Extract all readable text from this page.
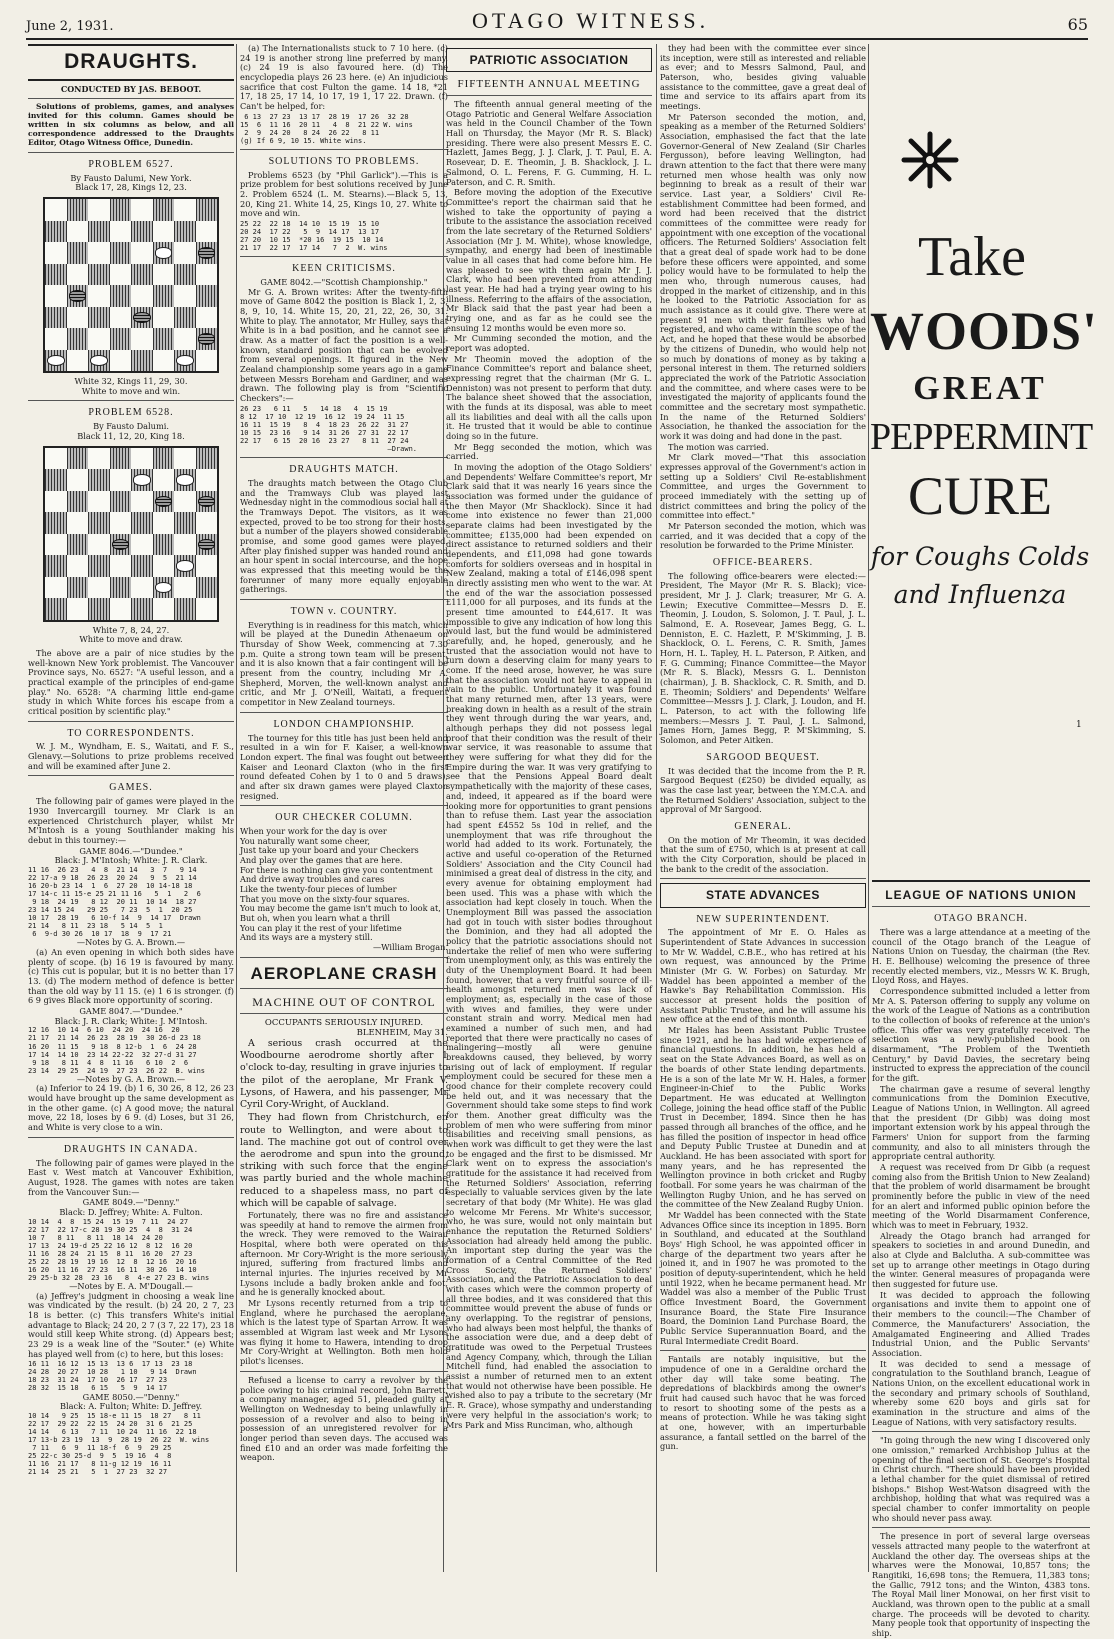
June 2, 1931.	OTAGO WITNESS.	65
DRAUGHTS.
CONDUCTED BY JAS. BEBOOT.

Solutions of problems, games, and analyses invited for this column. Games should be written in six columns as below, and all correspondence addressed to the Draughts Editor, Otago Witness Office, Dunedin.

PROBLEM 6527.
By Fausto Dalumi, New York.
Black 17, 28, Kings 12, 23.
White 32, Kings 11, 29, 30.
White to move and win.
PROBLEM 6528.
By Fausto Dalumi.
Black 11, 12, 20, King 18.
White 7, 8, 24, 27.
White to move and draw.

The above are a pair of nice studies by the well-known New York problemist. The Vancouver Province says, No. 6527: "A useful lesson, and a practical example of the principles of end-game play." No. 6528: "A charming little end-game study in which White forces his escape from a critical position by scientific play."

TO CORRESPONDENTS.

W. J. M., Wyndham, E. S., Waitati, and F. S., Glenavy.—Solutions to prize problems received and will be examined after June 2.

GAMES.

The following pair of games were played in the 1930 Invercargill tourney. Mr Clark is an experienced Christchurch player, whilst Mr M'Intosh is a young Southlander making his debut in this tourney:—

GAME 8046.—"Dundee."
Black: J. M'Intosh; White: J. R. Clark.
11 16  26 23   4  8  21 14   3  7   9 14
22 17-a 9 18  26 23  20 24   9  5  21 14
16 20-b 23 14  1  6  27 20  10 14-18 18
17 14-c 11 15-e 25 21 11 16   5  1   2  6
9 18  24 19   8 12  20 11  10 14  18 27
23 14 15 24   29 25   7 23  5  1  20 25
10 17  28 19   6 10-f 14  9  14 17  Drawn
21 14   8 11  23 18   5 14  5  1
6  9-d 30 26  10 17  18  9  17 21
—Notes by G. A. Brown.—

(a) An even opening in which both sides have plenty of scope. (b) 16 19 is favoured by many. (c) This cut is popular, but it is no better than 17 13. (d) The modern method of defence is better than the old way by 11 15. (e) 1 6 is stronger. (f) 6 9 gives Black more opportunity of scoring.

GAME 8047.—"Dundee."
Black: J. R. Clark; White: J. M'Intosh.
12 16  10 14  6 10  24 20  24 16  20
21 17  21 14  26 23  28 19  30 26-d 23 18
16 20  11 15   9 18  8 12-b  1  6  24 28
17 14  14 10  23 14 22-22  32 27-d 31 27
9 18   8 11  4  8  11 16   6 10  2  6
23 14  29 25  24 19  27 23  26 22  B. wins
—Notes by G. A. Brown.—

(a) Inferior to 24 19. (b) 1 6, 30 26, 8 12, 26 23 would have brought up the same development as in the other game. (c) A good move; the natural move, 22 18, loses by 6 9. (d) Loses, but 31 26, and White is very close to a win.

DRAUGHTS IN CANADA.

The following pair of games were played in the East v. West match at Vancouver Exhibition, August, 1928. The games with notes are taken from the Vancouver Sun:—

GAME 8049.—"Denny."
Black: D. Jeffrey; White: A. Fulton.
10 14  4  8  15 24  15 19  7 11  24 27
22 17  22 17-c 28 19 30 25  4  8  31 24
10 7   8 11   8 11  18 14  24 20
17 13  24 19-d 25 22 16 12  8 12  16 20
11 16  28 24  21 15  8 11  16 20  27 23
25 22  28 19  19 16  12  8  12 16  20 16
16 20  11 16  27 23  16 11  30 26  14 10
29 25-b 32 28  23 16   8  4-e 27 23 B. wins
—Notes by E. A. M'Dougall.—

(a) Jeffrey's judgment in choosing a weak line was vindicated by the result. (b) 24 20, 2 7, 23 18 is better. (c) This transfers White's initial advantage to Black; 24 20, 2 7 (3 7, 22 17), 23 18 would still keep White strong. (d) Appears best; 23 29 is a weak line of the "Souter." (e) White has played well from (c) to here, but this loses:

16 11  16 12  15 13  13 6  17 13  23 18
24 28  20 27  10 28   1 10   9 14  Drawn
18 23  31 24  17 10  26 17  27 23
28 32  15 18   6 15   5  9  14 17
GAME 8050.—"Denny."
Black: A. Fulton; White: D. Jeffrey.
10 14   9 25  15 18-e 11 15  18 27   8 11
22 17  29 22  22 15  24 20  31 6  21 25
14 14   6 13   7 11  10 24  11 16  22 18
17 13-b 23 19  13  9  28 19  26 22  W. wins
7 11   6  9  11 18-f  6  9  29 25
25 22-c 30 25-d  9  5  19 16  4  8
11 16  21 17   8 11-g 12 19  16 11
21 14  25 21   5  1  27 23  32 27

(a) The Internationalists stuck to 7 10 here. (c) 24 19 is another strong line preferred by many. (c) 24 19 is also favoured here. (d) The encyclopedia plays 26 23 here. (e) An injudicious sacrifice that cost Fulton the game. 14 18, *21 17, 18 25, 17 14, 10 17, 19 1, 17 22. Drawn. (f) Can't be helped, for:

6 13  27 23  13 17  28 19  17 26  32 28
15  6  11 16  20 11   4  8  21 22 W. wins
2  9  24 20   8 24  26 22   8 11
(g) If 6 9, 10 15. White wins.
SOLUTIONS TO PROBLEMS.

Problems 6523 (by "Phil Garlick").—This is a prize problem for best solutions received by June 2. Problem 6524 (L. M. Stearns).—Black 5, 13, 20, King 21. White 14, 25, Kings 10, 27. White to move and win.

25 22  22 18  14 10  15 19  15 10
20 24  17 22   5  9  14 17  13 17
27 20  10 15  *20 16  19 15  10 14
21 17  22 17  17 14   7  2  W. wins
KEEN CRITICISMS.
GAME 8042.—"Scottish Championship."

Mr G. A. Brown writes: After the twenty-fifth move of Game 8042 the position is Black 1, 2, 3, 8, 9, 10, 14. White 15, 20, 21, 22, 26, 30, 31. White to play. The annotator, Mr Hulley, says that White is in a bad position, and he cannot see a draw. As a matter of fact the position is a well-known, standard position that can be evolved from several openings. It figured in the New Zealand championship some years ago in a game between Messrs Boreham and Gardiner, and was drawn. The following play is from "Scientific Checkers":—

26 23   6 11   5   14 18   4  15 19
8 12  17 10  12 19  16 12  19 24  11 15
16 11  15 19   8  4  18 23  26 22  31 27
10 15  23 16   9 14  31 26  27 31  22 17
22 17   6 15  20 16  23 27   8 11  27 24
—Drawn.
DRAUGHTS MATCH.

The draughts match between the Otago Club and the Tramways Club was played last Wednesday night in the commodious social hall at the Tramways Depot. The visitors, as it was expected, proved to be too strong for their hosts, but a number of the players showed considerable promise, and some good games were played. After play finished supper was handed round and an hour spent in social intercourse, and the hope was expressed that this meeting would be the forerunner of many more equally enjoyable gatherings.

TOWN v. COUNTRY.

Everything is in readiness for this match, which will be played at the Dunedin Athenaeum on Thursday of Show Week, commencing at 7.30 p.m. Quite a strong town team will be present, and it is also known that a fair contingent will be present from the country, including Mr A. Shepherd, Morven, the well-known analyst and critic, and Mr J. O'Neill, Waitati, a frequent competitor in New Zealand tourneys.

LONDON CHAMPIONSHIP.

The tourney for this title has just been held and resulted in a win for F. Kaiser, a well-known London expert. The final was fought out between Kaiser and Leonard Claxton (who in the first round defeated Cohen by 1 to 0 and 5 draws), and after six drawn games were played Claxton resigned.

OUR CHECKER COLUMN.
When your work for the day is over
You naturally want some cheer,
Just take up your board and your Checkers
And play over the games that are here.
For there is nothing can give you contentment
And drive away troubles and cares
Like the twenty-four pieces of lumber
That you move on the sixty-four squares.
You may become the game isn't much to look at,
But oh, when you learn what a thrill
You can play it the rest of your lifetime
And its ways are a mystery still.
—William Brogan.
AEROPLANE CRASH
MACHINE OUT OF CONTROL
OCCUPANTS SERIOUSLY INJURED.
BLENHEIM, May 31.

A serious crash occurred at the Woodbourne aerodrome shortly after 1 o'clock to-day, resulting in grave injuries to the pilot of the aeroplane, Mr Frank V. Lysons, of Hawera, and his passenger, Mr Cyril Cory-Wright, of Auckland.

They had flown from Christchurch, en route to Wellington, and were about to land. The machine got out of control over the aerodrome and spun into the ground, striking with such force that the engine was partly buried and the whole machine reduced to a shapeless mass, no part of which will be capable of salvage.

Fortunately, there was no fire and assistance was speedily at hand to remove the airmen from the wreck. They were removed to the Wairau Hospital, where both were operated on this afternoon. Mr Cory-Wright is the more seriously injured, suffering from fractured limbs and internal injuries. The injuries received by Mr Lysons include a badly broken ankle and foot, and he is generally knocked about.

Mr Lysons recently returned from a trip to England, where he purchased the aeroplane, which is the latest type of Spartan Arrow. It was assembled at Wigram last week and Mr Lysons was flying it home to Hawera, intending to drop Mr Cory-Wright at Wellington. Both men hold pilot's licenses.

Refused a license to carry a revolver by the police owing to his criminal record, John Barrett, a company manager, aged 51, pleaded guilty at Wellington on Wednesday to being unlawfully in possession of a revolver and also to being in possession of an unregistered revolver for a longer period than seven days. The accused was fined £10 and an order was made forfeiting the weapon.

PATRIOTIC ASSOCIATION
FIFTEENTH ANNUAL MEETING

The fifteenth annual general meeting of the Otago Patriotic and General Welfare Association was held in the Council Chamber of the Town Hall on Thursday, the Mayor (Mr R. S. Black) presiding. There were also present Messrs E. C. Hazlett, James Begg, J. J. Clark, J. T. Paul, E. A. Rosevear, D. E. Theomin, J. B. Shacklock, J. L. Salmond, O. L. Ferens, F. G. Cumming, H. L. Paterson, and C. R. Smith.

Before moving the adoption of the Executive Committee's report the chairman said that he wished to take the opportunity of paying a tribute to the assistance the association received from the late secretary of the Returned Soldiers' Association (Mr J. M. White), whose knowledge, sympathy, and energy had been of inestimable value in all cases that had come before him. He was pleased to see with them again Mr J. J. Clark, who had been prevented from attending last year. He had had a trying year owing to his illness. Referring to the affairs of the association, Mr Black said that the past year had been a trying one, and as far as he could see the ensuing 12 months would be even more so.

Mr Cumming seconded the motion, and the report was adopted.

Mr Theomin moved the adoption of the Finance Committee's report and balance sheet, expressing regret that the chairman (Mr G. L. Denniston) was not present to perform that duty. The balance sheet showed that the association, with the funds at its disposal, was able to meet all its liabilities and deal with all the calls upon it. He trusted that it would be able to continue doing so in the future.

Mr Begg seconded the motion, which was carried.

In moving the adoption of the Otago Soldiers' and Dependents' Welfare Committee's report, Mr Clark said that it was nearly 16 years since the association was formed under the guidance of the then Mayor (Mr Shacklock). Since it had come into existence no fewer than 21,000 separate claims had been investigated by the committee; £135,000 had been expended on direct assistance to returned soldiers and their dependents, and £11,098 had gone towards comforts for soldiers overseas and in hospital in New Zealand, making a total of £146,098 spent in directly assisting men who went to the war. At the end of the war the association possessed £111,000 for all purposes, and its funds at the present time amounted to £44,617. It was impossible to give any indication of how long this would last, but the fund would be administered carefully, and, he hoped, generously, and he trusted that the association would not have to turn down a deserving claim for many years to come. If the need arose, however, he was sure that the association would not have to appeal in vain to the public. Unfortunately it was found that many returned men, after 13 years, were breaking down in health as a result of the strain they went through during the war years, and, although perhaps they did not possess legal proof that their condition was the result of their war service, it was reasonable to assume that they were suffering for what they did for the Empire during the war. It was very gratifying to see that the Pensions Appeal Board dealt sympathetically with the majority of these cases, and, indeed, it appeared as if the board were looking more for opportunities to grant pensions than to refuse them. Last year the association had spent £4552 5s 10d in relief, and the unemployment that was rife throughout the world had added to its work. Fortunately, the active and useful co-operation of the Returned Soldiers' Association and the City Council had minimised a great deal of distress in the city, and every avenue for obtaining employment had been used. This was a phase with which the association had kept closely in touch. When the Unemployment Bill was passed the association had got in touch with sister bodies throughout the Dominion, and they had all adopted the policy that the patriotic associations should not undertake the relief of men who were suffering from unemployment only, as this was entirely the duty of the Unemployment Board. It had been found, however, that a very fruitful source of ill-health amongst returned men was lack of employment; as, especially in the case of those with wives and families, they were under constant strain and worry. Medical men had examined a number of such men, and had reported that there were practically no cases of malingering—mostly all were genuine breakdowns caused, they believed, by worry arising out of lack of employment. If regular employment could be secured for these men a good chance for their complete recovery could be held out, and it was necessary that the Government should take some steps to find work for them. Another great difficulty was the problem of men who were suffering from minor disabilities and receiving small pensions, as when work was difficult to get they were the last to be engaged and the first to be dismissed. Mr Clark went on to express the association's gratitude for the assistance it had received from the Returned Soldiers' Association, referring especially to valuable services given by the late secretary of that body (Mr White). He was glad to welcome Mr Ferens. Mr White's successor, who, he was sure, would not only maintain but enhance the reputation the Returned Soldiers' Association had already held among the public. An important step during the year was the formation of a Central Committee of the Red Cross Society, the Returned Soldiers' Association, and the Patriotic Association to deal with cases which were the common property of all three bodies, and it was considered that this committee would prevent the abuse of funds or any overlapping. To the registrar of pensions, who had always been most helpful, the thanks of the association were due, and a deep debt of gratitude was owed to the Perpetual Trustees and Agency Company, which, through the Lilian Mitchell fund, had enabled the association to assist a number of returned men to an extent that would not otherwise have been possible. He wished also to pay a tribute to the secretary (Mr E. R. Grace), whose sympathy and understanding were very helpful in the association's work; to Mrs Park and Miss Runciman, who, although

they had been with the committee ever since its inception, were still as interested and reliable as ever; and to Messrs Salmond, Paul, and Paterson, who, besides giving valuable assistance to the committee, gave a great deal of time and service to its affairs apart from its meetings.

Mr Paterson seconded the motion, and, speaking as a member of the Returned Soldiers' Association, emphasised the fact that the late Governor-General of New Zealand (Sir Charles Fergusson), before leaving Wellington, had drawn attention to the fact that there were many returned men whose health was only now beginning to break as a result of their war service. Last year, a Soldiers' Civil Re-establishment Committee had been formed, and word had been received that the district committees of the committee were ready for appointment with one exception of the vocational officers. The Returned Soldiers' Association felt that a great deal of spade work had to be done before these officers were appointed, and some policy would have to be formulated to help the men who, through numerous causes, had dropped in the market of citizenship, and in this he looked to the Patriotic Association for as much assistance as it could give. There were at present 91 men with their families who had registered, and who came within the scope of the Act, and he hoped that these would be absorbed by the citizens of Dunedin, who would help not so much by donations of money as by taking a personal interest in them. The returned soldiers appreciated the work of the Patriotic Association and the committee, and where cases were to be investigated the majority of applicants found the committee and the secretary most sympathetic. In the name of the Returned Soldiers' Association, he thanked the association for the work it was doing and had done in the past.

The motion was carried.

Mr Clark moved—"That this association expresses approval of the Government's action in setting up a Soldiers' Civil Re-establishment Committee, and urges the Government to proceed immediately with the setting up of district committees and bring the policy of the committee into effect."

Mr Paterson seconded the motion, which was carried, and it was decided that a copy of the resolution be forwarded to the Prime Minister.

OFFICE-BEARERS.

The following office-bearers were elected:—President, The Mayor (Mr R. S. Black); vice-president, Mr J. J. Clark; treasurer, Mr G. A. Lewin; Executive Committee—Messrs D. E. Theomin, J. Loudon, S. Solomon, J. T. Paul, J. L. Salmond, E. A. Rosevear, James Begg, G. L. Denniston, E. C. Hazlett, P. M'Skimming, J. B. Shacklock, O. L. Ferens, C. R. Smith, James Horn, H. L. Tapley, H. L. Paterson, P. Aitken, and F. G. Cumming; Finance Committee—the Mayor (Mr R. S. Black), Messrs G. L. Denniston (chairman), J. B. Shacklock, C. R. Smith, and D. E. Theomin; Soldiers' and Dependents' Welfare Committee—Messrs J. J. Clark, J. Loudon, and H. L. Paterson, to act with the following life members:—Messrs J. T. Paul, J. L. Salmond, James Horn, James Begg, P. M'Skimming, S. Solomon, and Peter Aitken.

SARGOOD BEQUEST.

It was decided that the income from the P. R. Sargood Bequest (£250) be divided equally, as was the case last year, between the Y.M.C.A. and the Returned Soldiers' Association, subject to the approval of Mr Sargood.

GENERAL.

On the motion of Mr Theomin, it was decided that the sum of £750, which is at present at call with the City Corporation, should be placed in the bank to the credit of the association.

STATE ADVANCES
NEW SUPERINTENDENT.

The appointment of Mr E. O. Hales as Superintendent of State Advances in succession to Mr W. Waddel, C.B.E., who has retired at his own request, was announced by the Prime Minister (Mr G. W. Forbes) on Saturday. Mr Waddel has been appointed a member of the Hawke's Bay Rehabilitation Commission. His successor at present holds the position of Assistant Public Trustee, and he will assume his new office at the end of this month.

Mr Hales has been Assistant Public Trustee since 1921, and he has had wide experience of financial questions. In addition, he has held a seat on the State Advances Board, as well as on the boards of other State lending departments. He is a son of the late Mr W. H. Hales, a former Engineer-in-Chief to the Public Works Department. He was educated at Wellington College, joining the head office staff of the Public Trust in December, 1894. Since then he has passed through all branches of the office, and he has filled the position of inspector in head office and Deputy Public Trustee at Dunedin and at Auckland. He has been associated with sport for many years, and he has represented the Wellington province in both cricket and Rugby football. For some years he was chairman of the Wellington Rugby Union, and he has served on the committee of the New Zealand Rugby Union.

Mr Waddel has been connected with the State Advances Office since its inception in 1895. Born in Southland, and educated at the Southland Boys' High School, he was appointed officer in charge of the department two years after he joined it, and in 1907 he was promoted to the position of deputy-superintendent, which he held until 1922, when he became permanent head. Mr Waddel was also a member of the Public Trust Office Investment Board, the Government Insurance Board, the State Fire Insurance Board, the Dominion Land Purchase Board, the Public Service Superannuation Board, and the Rural Intermediate Credit Board.

Fantails are notably inquisitive, but the impudence of one in a Geraldine orchard the other day will take some beating. The depredations of blackbirds among the owner's fruit had caused such havoc that he was forced to resort to shooting some of the pests as a means of protection. While he was taking sight at one, however, with an imperturbable assurance, a fantail settled on the barrel of the gun.

Take
WOODS'
GREAT
PEPPERMINT
CURE
for Coughs Colds
and Influenza
1
LEAGUE OF NATIONS UNION
OTAGO BRANCH.

There was a large attendance at a meeting of the council of the Otago branch of the League of Nations Union on Tuesday, the chairman (the Rev. H. E. Bellhouse) welcoming the presence of three recently elected members, viz., Messrs W. K. Brugh, Lloyd Ross, and Hayes.

Correspondence submitted included a letter from Mr A. S. Paterson offering to supply any volume on the work of the League of Nations as a contribution to the collection of books of reference at the union's office. This offer was very gratefully received. The selection was a newly-published book on disarmament, "The Problem of the Twentieth Century," by David Davies, the secretary being instructed to express the appreciation of the council for the gift.

The chairman gave a resume of several lengthy communications from the Dominion Executive, League of Nations Union, in Wellington. All agreed that the president (Dr Gibb) was doing most important extension work by his appeal through the Farmers' Union for support from the farming community, and also to all ministers through the appropriate central authority.

A request was received from Dr Gibb (a request coming also from the British Union to New Zealand) that the problem of world disarmament be brought prominently before the public in view of the need for an alert and informed public opinion before the meeting of the World Disarmament Conference, which was to meet in February, 1932.

Already the Otago branch had arranged for speakers to societies in and around Dunedin, and also at Clyde and Balclutha. A sub-committee was set up to arrange other meetings in Otago during the winter. General measures of propaganda were then suggested for future use.

It was decided to approach the following organisations and invite them to appoint one of their members to the council:—The Chamber of Commerce, the Manufacturers' Association, the Amalgamated Engineering and Allied Trades Industrial Union, and the Public Servants' Association.

It was decided to send a message of congratulation to the Southland branch, League of Nations Union, on the excellent educational work in the secondary and primary schools of Southland, whereby some 620 boys and girls sat for examination in the structure and aims of the League of Nations, with very satisfactory results.

"In going through the new wing I discovered only one omission," remarked Archbishop Julius at the opening of the final section of St. George's Hospital in Christ church. "There should have been provided a lethal chamber for the quiet dismissal of retired bishops." Bishop West-Watson disagreed with the archbishop, holding that what was required was a special chamber to confer immortality on people who should never pass away.

The presence in port of several large overseas vessels attracted many people to the waterfront at Auckland the other day. The overseas ships at the wharves were the Monowai, 10,857 tons; the Rangitiki, 16,698 tons; the Remuera, 11,383 tons; the Gallic, 7912 tons; and the Winton, 4383 tons. The Royal Mail liner Monowai, on her first visit to Auckland, was thrown open to the public at a small charge. The proceeds will be devoted to charity. Many people took that opportunity of inspecting the ship.
